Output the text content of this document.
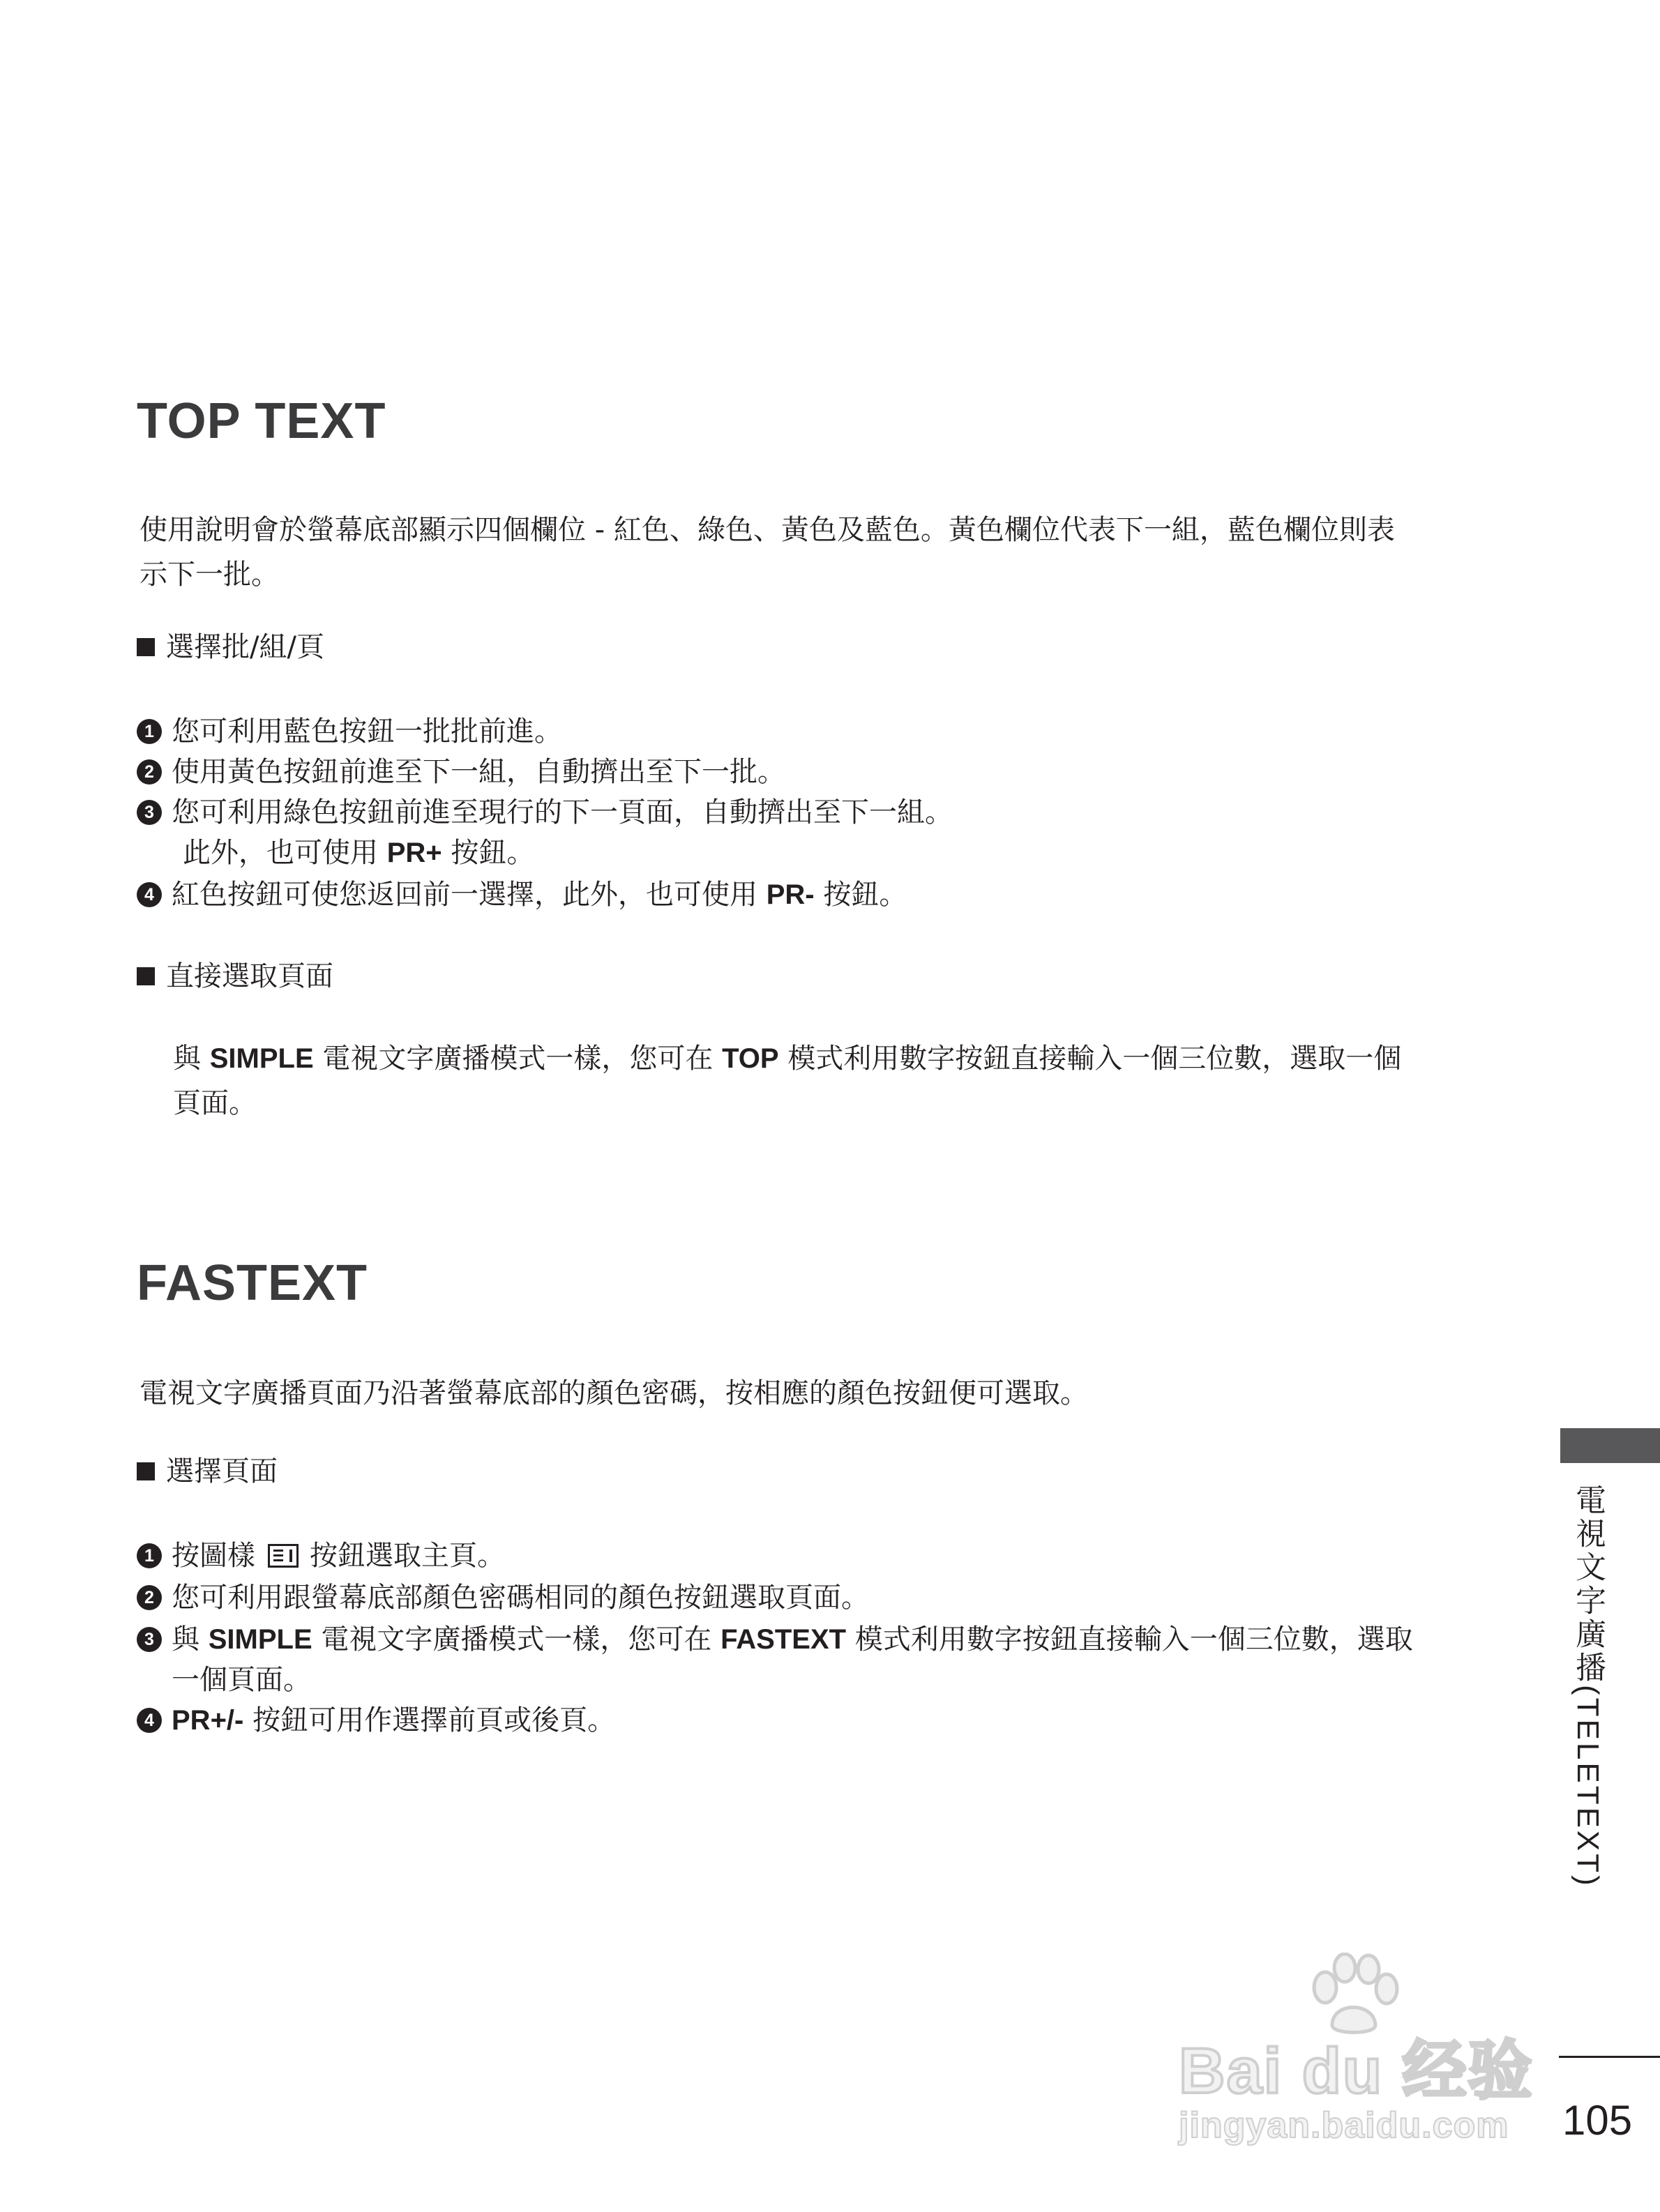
TOP TEXT

使用說明會於螢幕底部顯示四個欄位 - 紅色、綠色、黃色及藍色。黃色欄位代表下一組，藍色欄位則表
示下一批。

選擇批/組/頁
1 您可利用藍色按鈕一批批前進。
2 使用黃色按鈕前進至下一組，自動擠出至下一批。
3 您可利用綠色按鈕前進至現行的下一頁面，自動擠出至下一組。

此外，也可使用 PR+ 按鈕。

4 紅色按鈕可使您返回前一選擇，此外，也可使用 PR- 按鈕。
直接選取頁面

與 SIMPLE 電視文字廣播模式一樣，您可在 TOP 模式利用數字按鈕直接輸入一個三位數，選取一個
頁面。

FASTEXT

電視文字廣播頁面乃沿著螢幕底部的顏色密碼，按相應的顏色按鈕便可選取。

選擇頁面
1 按圖樣 按鈕選取主頁。
2 您可利用跟螢幕底部顏色密碼相同的顏色按鈕選取頁面。
3 與 SIMPLE 電視文字廣播模式一樣，您可在 FASTEXT 模式利用數字按鈕直接輸入一個三位數，選取
一個頁面。
4 PR+/- 按鈕可用作選擇前頁或後頁。
電視文字廣播(TELETEXT)
105
Bai du 经验
jingyan.baidu.com
